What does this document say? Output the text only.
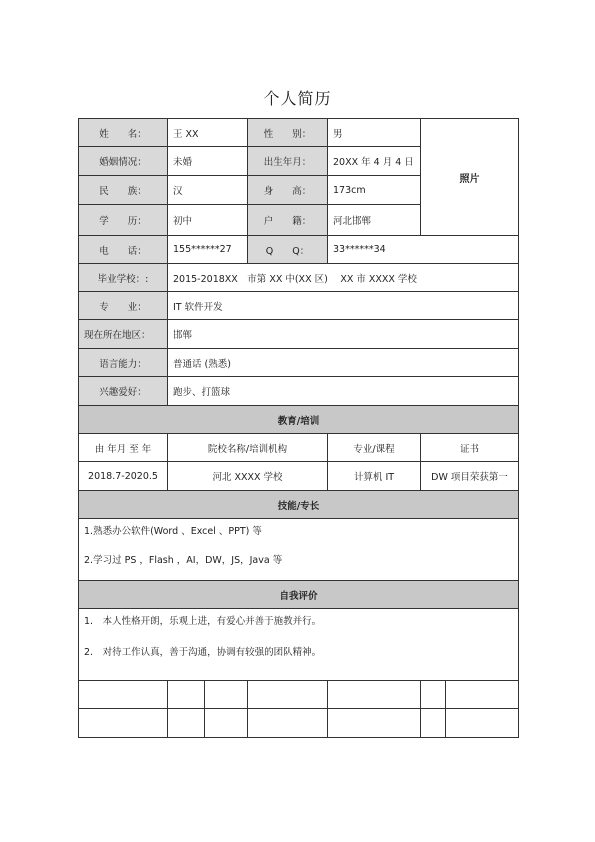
个人简历
姓　　名：	王 XX		性　　别：	男	照片	
婚姻情况：	未婚		出生年月：	20XX 年 4 月 4 日		
民　　族：	汉		身　　高：	173cm		
学　　历：	初中		户　　籍：	河北邯郸		
电　　话：	155******27		Q　　Q：	33******34		
毕业学校：:	2015-2018XX　市第 XX 中(XX 区)　 XX 市 XXXX 学校					
专　　业：	IT 软件开发					
现在所在地区：	邯郸					
语言能力：	普通话 (熟悉)					
兴趣爱好：	跑步、打篮球					
教育/培训						
由 年月 至 年	院校名称/培训机构			专业/课程	证书	
2018.7-2020.5	河北 XXXX 学校			计算机 IT	DW 项目荣获第一	
技能/专长						

1.熟悉办公软件(Word 、Excel 、PPT) 等
2.学习过 PS ，Flash ，AI，DW，JS，Java 等						

自我评价						

1.　本人性格开朗，乐观上进，有爱心并善于施教并行。
2.　对待工作认真，善于沟通，协调有较强的团队精神。						
